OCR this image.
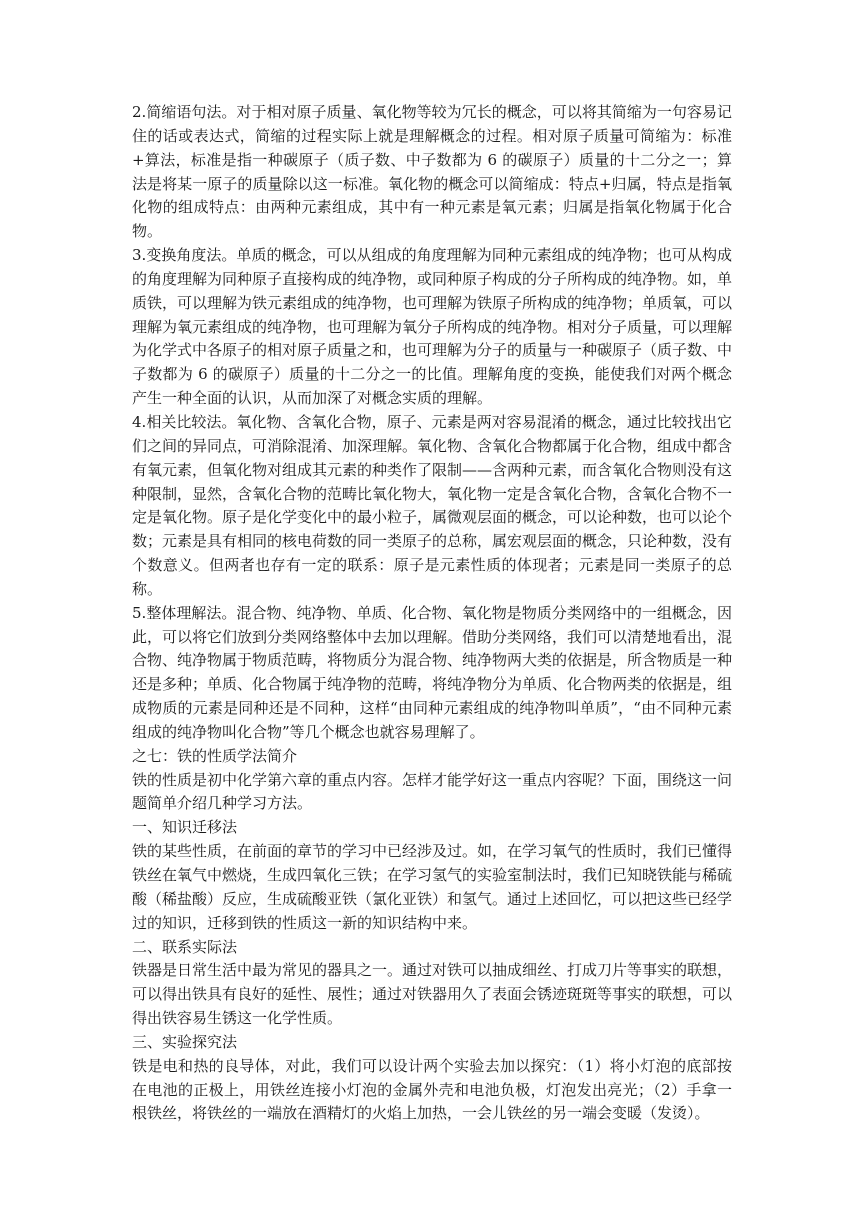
2.简缩语句法。对于相对原子质量、氧化物等较为冗长的概念，可以将其简缩为一句容易记住的话或表达式，简缩的过程实际上就是理解概念的过程。相对原子质量可简缩为：标准+算法，标准是指一种碳原子（质子数、中子数都为 6 的碳原子）质量的十二分之一；算法是将某一原子的质量除以这一标准。氧化物的概念可以简缩成：特点+归属，特点是指氧化物的组成特点：由两种元素组成，其中有一种元素是氧元素；归属是指氧化物属于化合物。

3.变换角度法。单质的概念，可以从组成的角度理解为同种元素组成的纯净物；也可从构成的角度理解为同种原子直接构成的纯净物，或同种原子构成的分子所构成的纯净物。如，单质铁，可以理解为铁元素组成的纯净物，也可理解为铁原子所构成的纯净物；单质氧，可以理解为氧元素组成的纯净物，也可理解为氧分子所构成的纯净物。相对分子质量，可以理解为化学式中各原子的相对原子质量之和，也可理解为分子的质量与一种碳原子（质子数、中子数都为 6 的碳原子）质量的十二分之一的比值。理解角度的变换，能使我们对两个概念产生一种全面的认识，从而加深了对概念实质的理解。

4.相关比较法。氧化物、含氧化合物，原子、元素是两对容易混淆的概念，通过比较找出它们之间的异同点，可消除混淆、加深理解。氧化物、含氧化合物都属于化合物，组成中都含有氧元素，但氧化物对组成其元素的种类作了限制——含两种元素，而含氧化合物则没有这种限制，显然，含氧化合物的范畴比氧化物大，氧化物一定是含氧化合物，含氧化合物不一定是氧化物。原子是化学变化中的最小粒子，属微观层面的概念，可以论种数，也可以论个数；元素是具有相同的核电荷数的同一类原子的总称，属宏观层面的概念，只论种数，没有个数意义。但两者也存有一定的联系：原子是元素性质的体现者；元素是同一类原子的总称。

5.整体理解法。混合物、纯净物、单质、化合物、氧化物是物质分类网络中的一组概念，因此，可以将它们放到分类网络整体中去加以理解。借助分类网络，我们可以清楚地看出，混合物、纯净物属于物质范畴，将物质分为混合物、纯净物两大类的依据是，所含物质是一种还是多种；单质、化合物属于纯净物的范畴，将纯净物分为单质、化合物两类的依据是，组成物质的元素是同种还是不同种，这样“由同种元素组成的纯净物叫单质”，“由不同种元素组成的纯净物叫化合物”等几个概念也就容易理解了。

之七：铁的性质学法简介

铁的性质是初中化学第六章的重点内容。怎样才能学好这一重点内容呢？下面，围绕这一问题简单介绍几种学习方法。

一、知识迁移法

铁的某些性质，在前面的章节的学习中已经涉及过。如，在学习氧气的性质时，我们已懂得铁丝在氧气中燃烧，生成四氧化三铁；在学习氢气的实验室制法时，我们已知晓铁能与稀硫酸（稀盐酸）反应，生成硫酸亚铁（氯化亚铁）和氢气。通过上述回忆，可以把这些已经学过的知识，迁移到铁的性质这一新的知识结构中来。

二、联系实际法

铁器是日常生活中最为常见的器具之一。通过对铁可以抽成细丝、打成刀片等事实的联想，可以得出铁具有良好的延性、展性；通过对铁器用久了表面会锈迹斑斑等事实的联想，可以得出铁容易生锈这一化学性质。

三、实验探究法

铁是电和热的良导体，对此，我们可以设计两个实验去加以探究：（1）将小灯泡的底部按在电池的正极上，用铁丝连接小灯泡的金属外壳和电池负极，灯泡发出亮光；（2）手拿一根铁丝，将铁丝的一端放在酒精灯的火焰上加热，一会儿铁丝的另一端会变暖（发烫）。
